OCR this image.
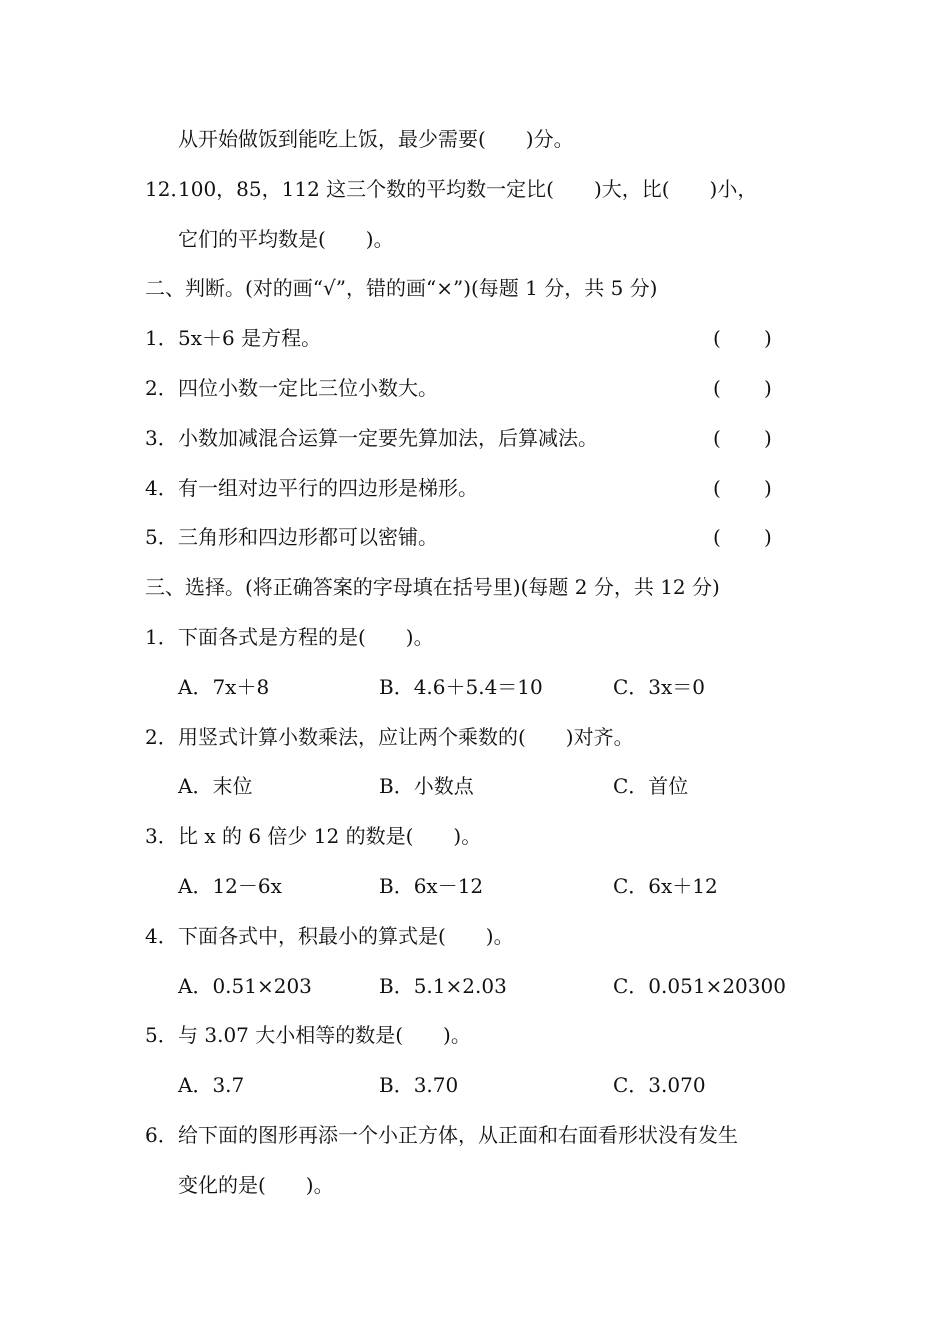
从开始做饭到能吃上饭，最少需要(　　)分。
12．
100，85，112 这三个数的平均数一定比(　　)大，比(　　)小，
它们的平均数是(　　)。
二、判断。(对的画“√”，错的画“×”)(每题 1 分，共 5 分)
1． 5x＋6 是方程。	( )
2． 四位小数一定比三位小数大。	( )
3． 小数加减混合运算一定要先算加法，后算减法。	( )
4． 有一组对边平行的四边形是梯形。	( )
5． 三角形和四边形都可以密铺。	( )
三、选择。(将正确答案的字母填在括号里)(每题 2 分，共 12 分)
1． 下面各式是方程的是(　　)。
A．7x＋8	B．4.6＋5.4＝10	C．3x＝0
2． 用竖式计算小数乘法，应让两个乘数的(　　)对齐。
A．末位	B．小数点	C．首位
3． 比 x 的 6 倍少 12 的数是(　　)。
A．12－6x	B．6x－12	C．6x＋12
4． 下面各式中，积最小的算式是(　　)。
A．0.51×203	B．5.1×2.03	C．0.051×20300
5． 与 3.07 大小相等的数是(　　)。
A．3.7	B．3.70	C．3.070
6． 给下面的图形再添一个小正方体，从正面和右面看形状没有发生
变化的是(　　)。
